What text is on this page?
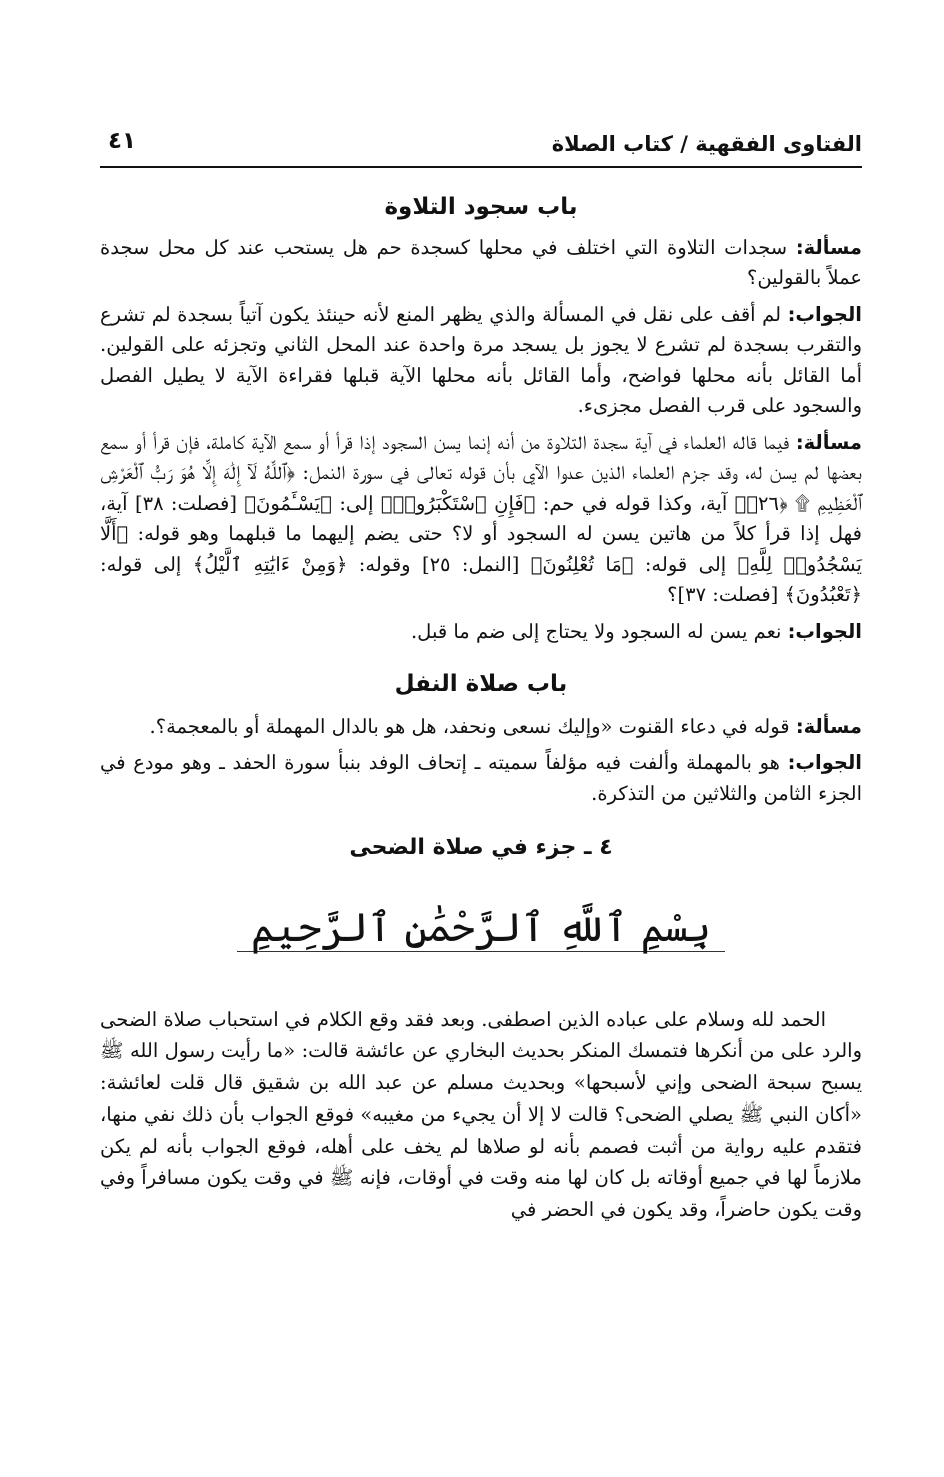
الفتاوى الفقهية / كتاب الصلاة
٤١
باب سجود التلاوة

مسألة: سجدات التلاوة التي اختلف في محلها كسجدة حم هل يستحب عند كل محل سجدة عملاً بالقولين؟

الجواب: لم أقف على نقل في المسألة والذي يظهر المنع لأنه حينئذ يكون آتياً بسجدة لم تشرع والتقرب بسجدة لم تشرع لا يجوز بل يسجد مرة واحدة عند المحل الثاني وتجزئه على القولين. أما القائل بأنه محلها فواضح، وأما القائل بأنه محلها الآية قبلها فقراءة الآية لا يطيل الفصل والسجود على قرب الفصل مجزىء.

مسألة: فيما قاله العلماء في آية سجدة التلاوة من أنه إنما يسن السجود إذا قرأ أو سمع الآية كاملة، فإن قرأ أو سمع بعضها لم يسن له، وقد جزم العلماء الذين عدوا الآي بأن قوله تعالى في سورة النمل: ﴿ٱللَّهُ لَآ إِلَٰهَ إِلَّا هُوَ رَبُّ ٱلْعَرْشِ ٱلْعَظِيمِ ۩ ﴿٢٦﴾﴾ آية، وكذا قوله في حم: ﴿فَإِنِ ٱسْتَكْبَرُوا۟﴾ إلى: ﴿يَسْـَٔمُونَ﴾ [فصلت: ٣٨] آية، فهل إذا قرأ كلاً من هاتين يسن له السجود أو لا؟ حتى يضم إليهما ما قبلهما وهو قوله: ﴿أَلَّا يَسْجُدُوا۟ لِلَّهِ﴾ إلى قوله: ﴿مَا تُعْلِنُونَ﴾ [النمل: ٢٥] وقوله: ﴿وَمِنْ ءَايَٰتِهِ ٱلَّيْلُ﴾ إلى قوله: ﴿تَعْبُدُونَ﴾ [فصلت: ٣٧]؟

الجواب: نعم يسن له السجود ولا يحتاج إلى ضم ما قبل.

باب صلاة النفل

مسألة: قوله في دعاء القنوت «وإليك نسعى ونحفد، هل هو بالدال المهملة أو بالمعجمة؟.

الجواب: هو بالمهملة وألفت فيه مؤلفاً سميته ـ إتحاف الوفد بنبأ سورة الحفد ـ وهو مودع في الجزء الثامن والثلاثين من التذكرة.

٤ ـ جزء في صلاة الضحى
بِسْمِ ٱللَّهِ ٱلرَّحْمَٰنِ ٱلرَّحِيمِ

الحمد لله وسلام على عباده الذين اصطفى. وبعد فقد وقع الكلام في استحباب صلاة الضحى والرد على من أنكرها فتمسك المنكر بحديث البخاري عن عائشة قالت: «ما رأيت رسول الله ﷺ يسبح سبحة الضحى وإني لأسبحها» وبحديث مسلم عن عبد الله بن شقيق قال قلت لعائشة: «أكان النبي ﷺ يصلي الضحى؟ قالت لا إلا أن يجيء من مغيبه» فوقع الجواب بأن ذلك نفي منها، فتقدم عليه رواية من أثبت فصمم بأنه لو صلاها لم يخف على أهله، فوقع الجواب بأنه لم يكن ملازماً لها في جميع أوقاته بل كان لها منه وقت في أوقات، فإنه ﷺ في وقت يكون مسافراً وفي وقت يكون حاضراً، وقد يكون في الحضر في
